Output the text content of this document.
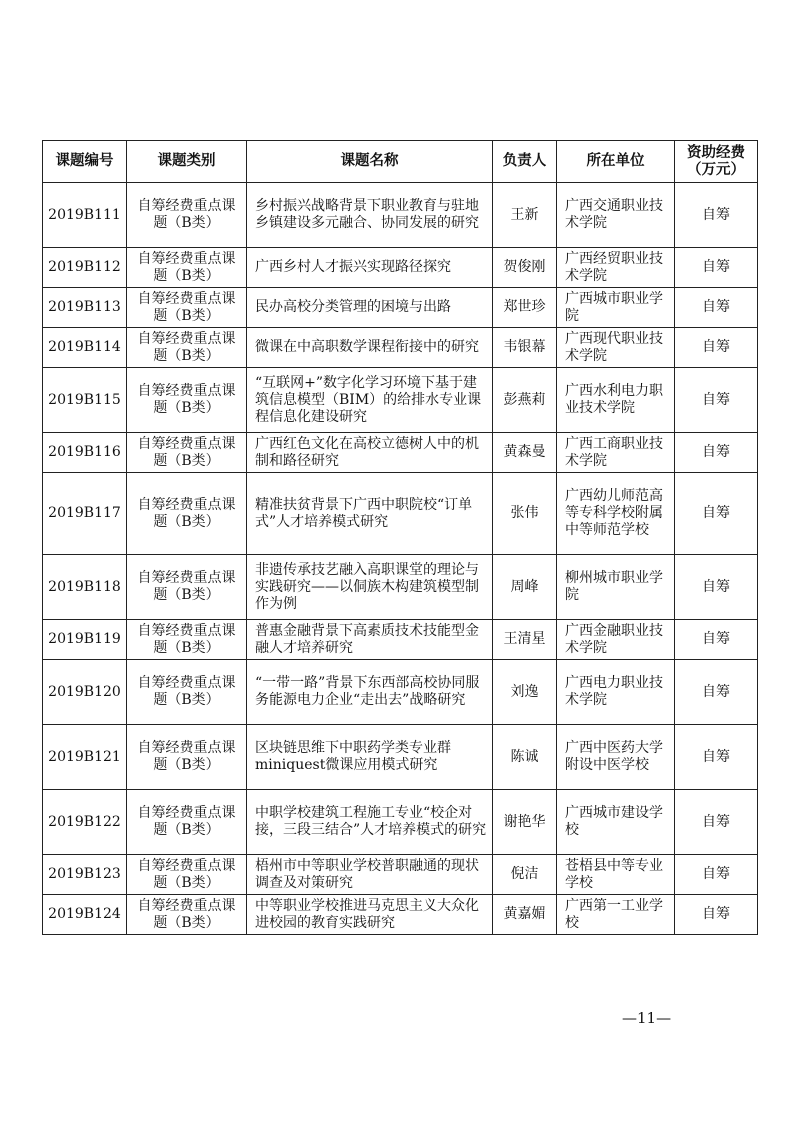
课题编号	课题类别	课题名称	负责人	所在单位	资助经费
（万元）

2019B111	自筹经费重点课题（B类）	乡村振兴战略背景下职业教育与驻地乡镇建设多元融合、协同发展的研究	王新	广西交通职业技术学院	自筹
2019B112	自筹经费重点课题（B类）	广西乡村人才振兴实现路径探究	贺俊刚	广西经贸职业技术学院	自筹
2019B113	自筹经费重点课题（B类）	民办高校分类管理的困境与出路	郑世珍	广西城市职业学院	自筹
2019B114	自筹经费重点课题（B类）	微课在中高职数学课程衔接中的研究	韦银幕	广西现代职业技术学院	自筹
2019B115	自筹经费重点课题（B类）	“互联网+”数字化学习环境下基于建筑信息模型（BIM）的给排水专业课程信息化建设研究	彭燕莉	广西水利电力职业技术学院	自筹
2019B116	自筹经费重点课题（B类）	广西红色文化在高校立德树人中的机制和路径研究	黄森曼	广西工商职业技术学院	自筹
2019B117	自筹经费重点课题（B类）	精准扶贫背景下广西中职院校“订单式”人才培养模式研究	张伟	广西幼儿师范高等专科学校附属中等师范学校	自筹
2019B118	自筹经费重点课题（B类）	非遗传承技艺融入高职课堂的理论与实践研究——以侗族木构建筑模型制作为例	周峰	柳州城市职业学院	自筹
2019B119	自筹经费重点课题（B类）	普惠金融背景下高素质技术技能型金融人才培养研究	王清星	广西金融职业技术学院	自筹
2019B120	自筹经费重点课题（B类）	“一带一路”背景下东西部高校协同服务能源电力企业“走出去”战略研究	刘逸	广西电力职业技术学院	自筹
2019B121	自筹经费重点课题（B类）	区块链思维下中职药学类专业群miniquest微课应用模式研究	陈诚	广西中医药大学附设中医学校	自筹
2019B122	自筹经费重点课题（B类）	中职学校建筑工程施工专业“校企对接，三段三结合”人才培养模式的研究	谢艳华	广西城市建设学校	自筹
2019B123	自筹经费重点课题（B类）	梧州市中等职业学校普职融通的现状调查及对策研究	倪洁	苍梧县中等专业学校	自筹
2019B124	自筹经费重点课题（B类）	中等职业学校推进马克思主义大众化进校园的教育实践研究	黄嘉媚	广西第一工业学校	自筹
—11—
